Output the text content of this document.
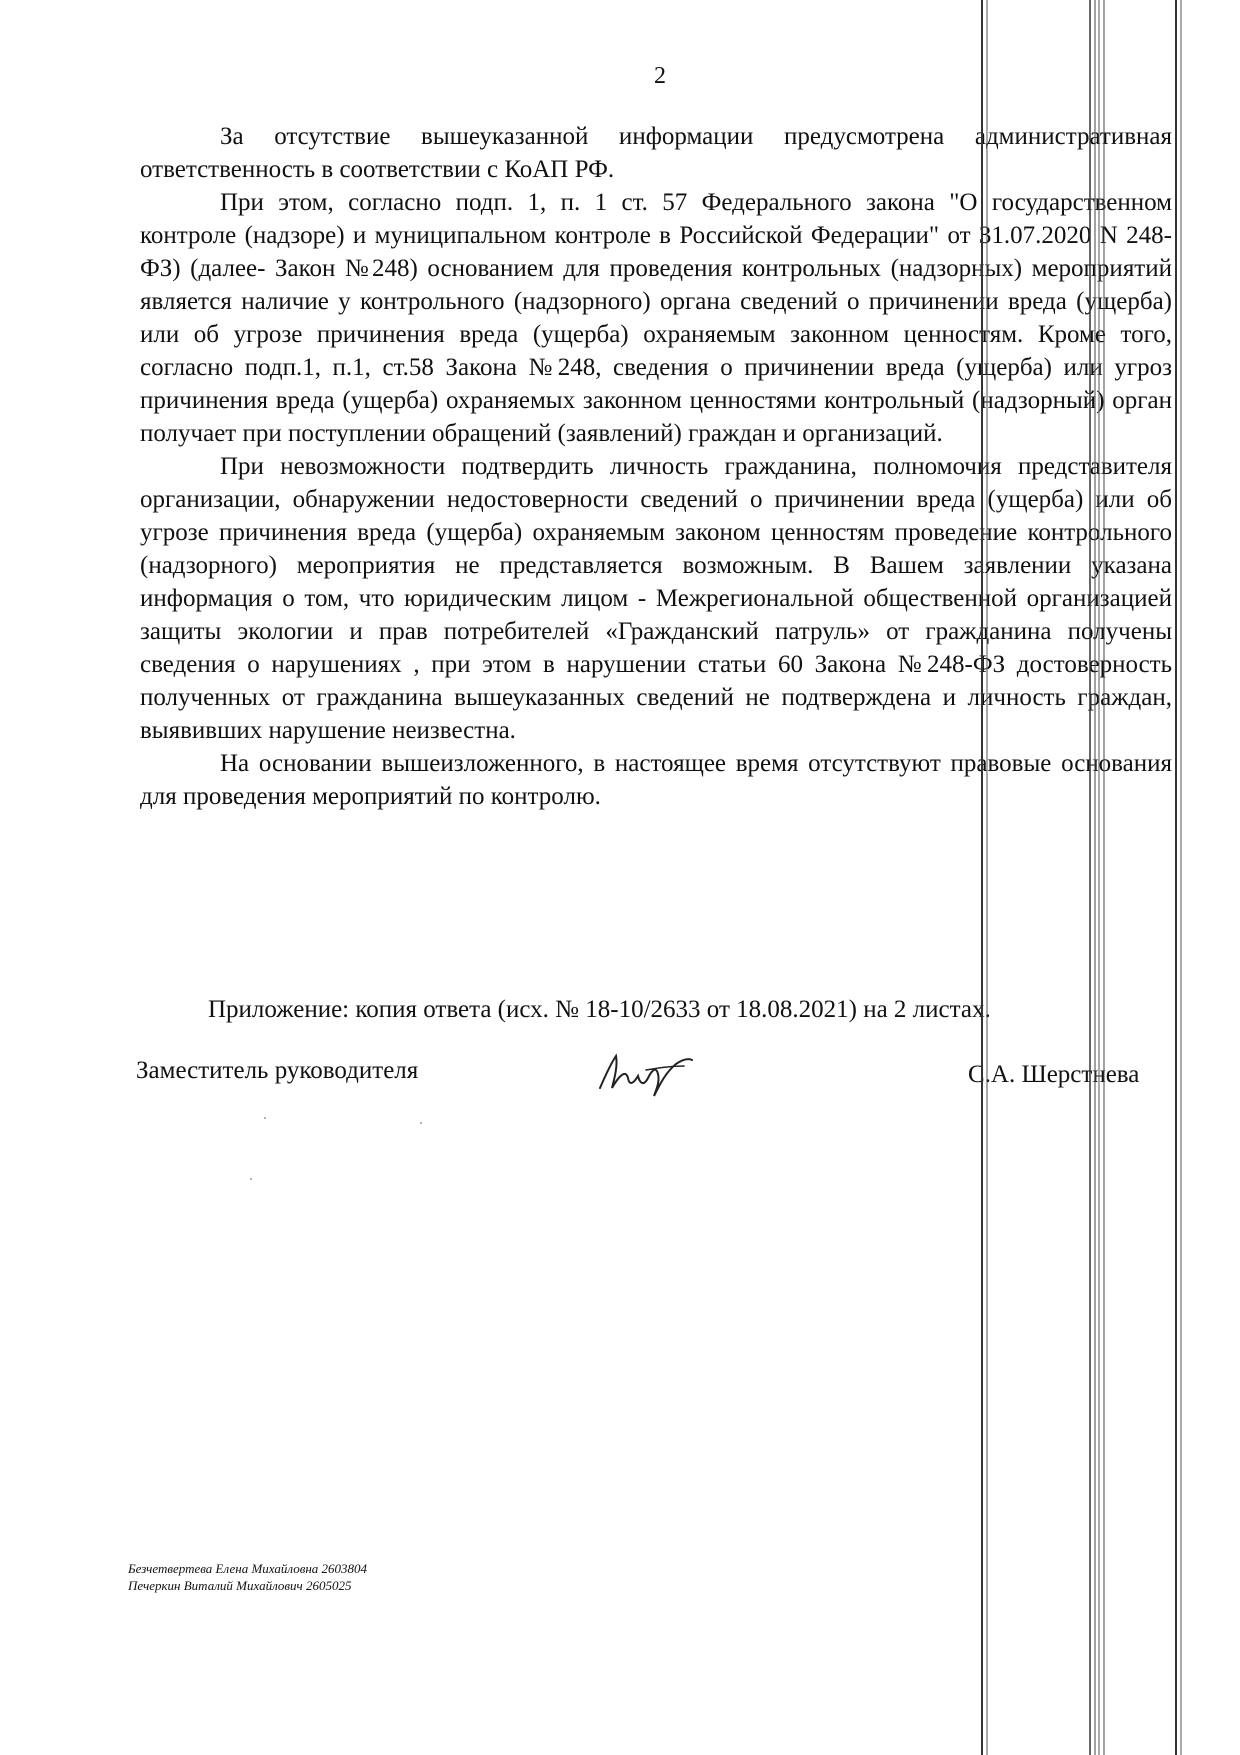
2

За отсутствие вышеуказанной информации предусмотрена административная ответственность в соответствии с КоАП РФ.

При этом, согласно подп. 1, п. 1 ст. 57 Федерального закона "О государственном контроле (надзоре) и муниципальном контроле в Российской Федерации" от 31.07.2020 N 248-ФЗ) (далее- Закон №248) основанием для проведения контрольных (надзорных) мероприятий является наличие у контрольного (надзорного) органа сведений о причинении вреда (ущерба) или об угрозе причинения вреда (ущерба) охраняемым законном ценностям. Кроме того, согласно подп.1, п.1, ст.58 Закона №248, сведения о причинении вреда (ущерба) или угроз причинения вреда (ущерба) охраняемых законном ценностями контрольный (надзорный) орган получает при поступлении обращений (заявлений) граждан и организаций.

При невозможности подтвердить личность гражданина, полномочия представителя организации, обнаружении недостоверности сведений о причинении вреда (ущерба) или об угрозе причинения вреда (ущерба) охраняемым законом ценностям проведение контрольного (надзорного) мероприятия не представляется возможным. В Вашем заявлении указана информация о том, что юридическим лицом - Межрегиональной общественной организацией защиты экологии и прав потребителей «Гражданский патруль» от гражданина получены сведения о нарушениях , при этом в нарушении статьи 60 Закона №248-ФЗ достоверность полученных от гражданина вышеуказанных сведений не подтверждена и личность граждан, выявивших нарушение неизвестна.

На основании вышеизложенного, в настоящее время отсутствуют правовые основания для проведения мероприятий по контролю.

Приложение: копия ответа (исх. № 18-10/2633 от 18.08.2021) на 2 листах.
Заместитель руководителя	С.А. Шерстнева
Безчетвертева Елена Михайловна 2603804
Печеркин Виталий Михайлович 2605025
